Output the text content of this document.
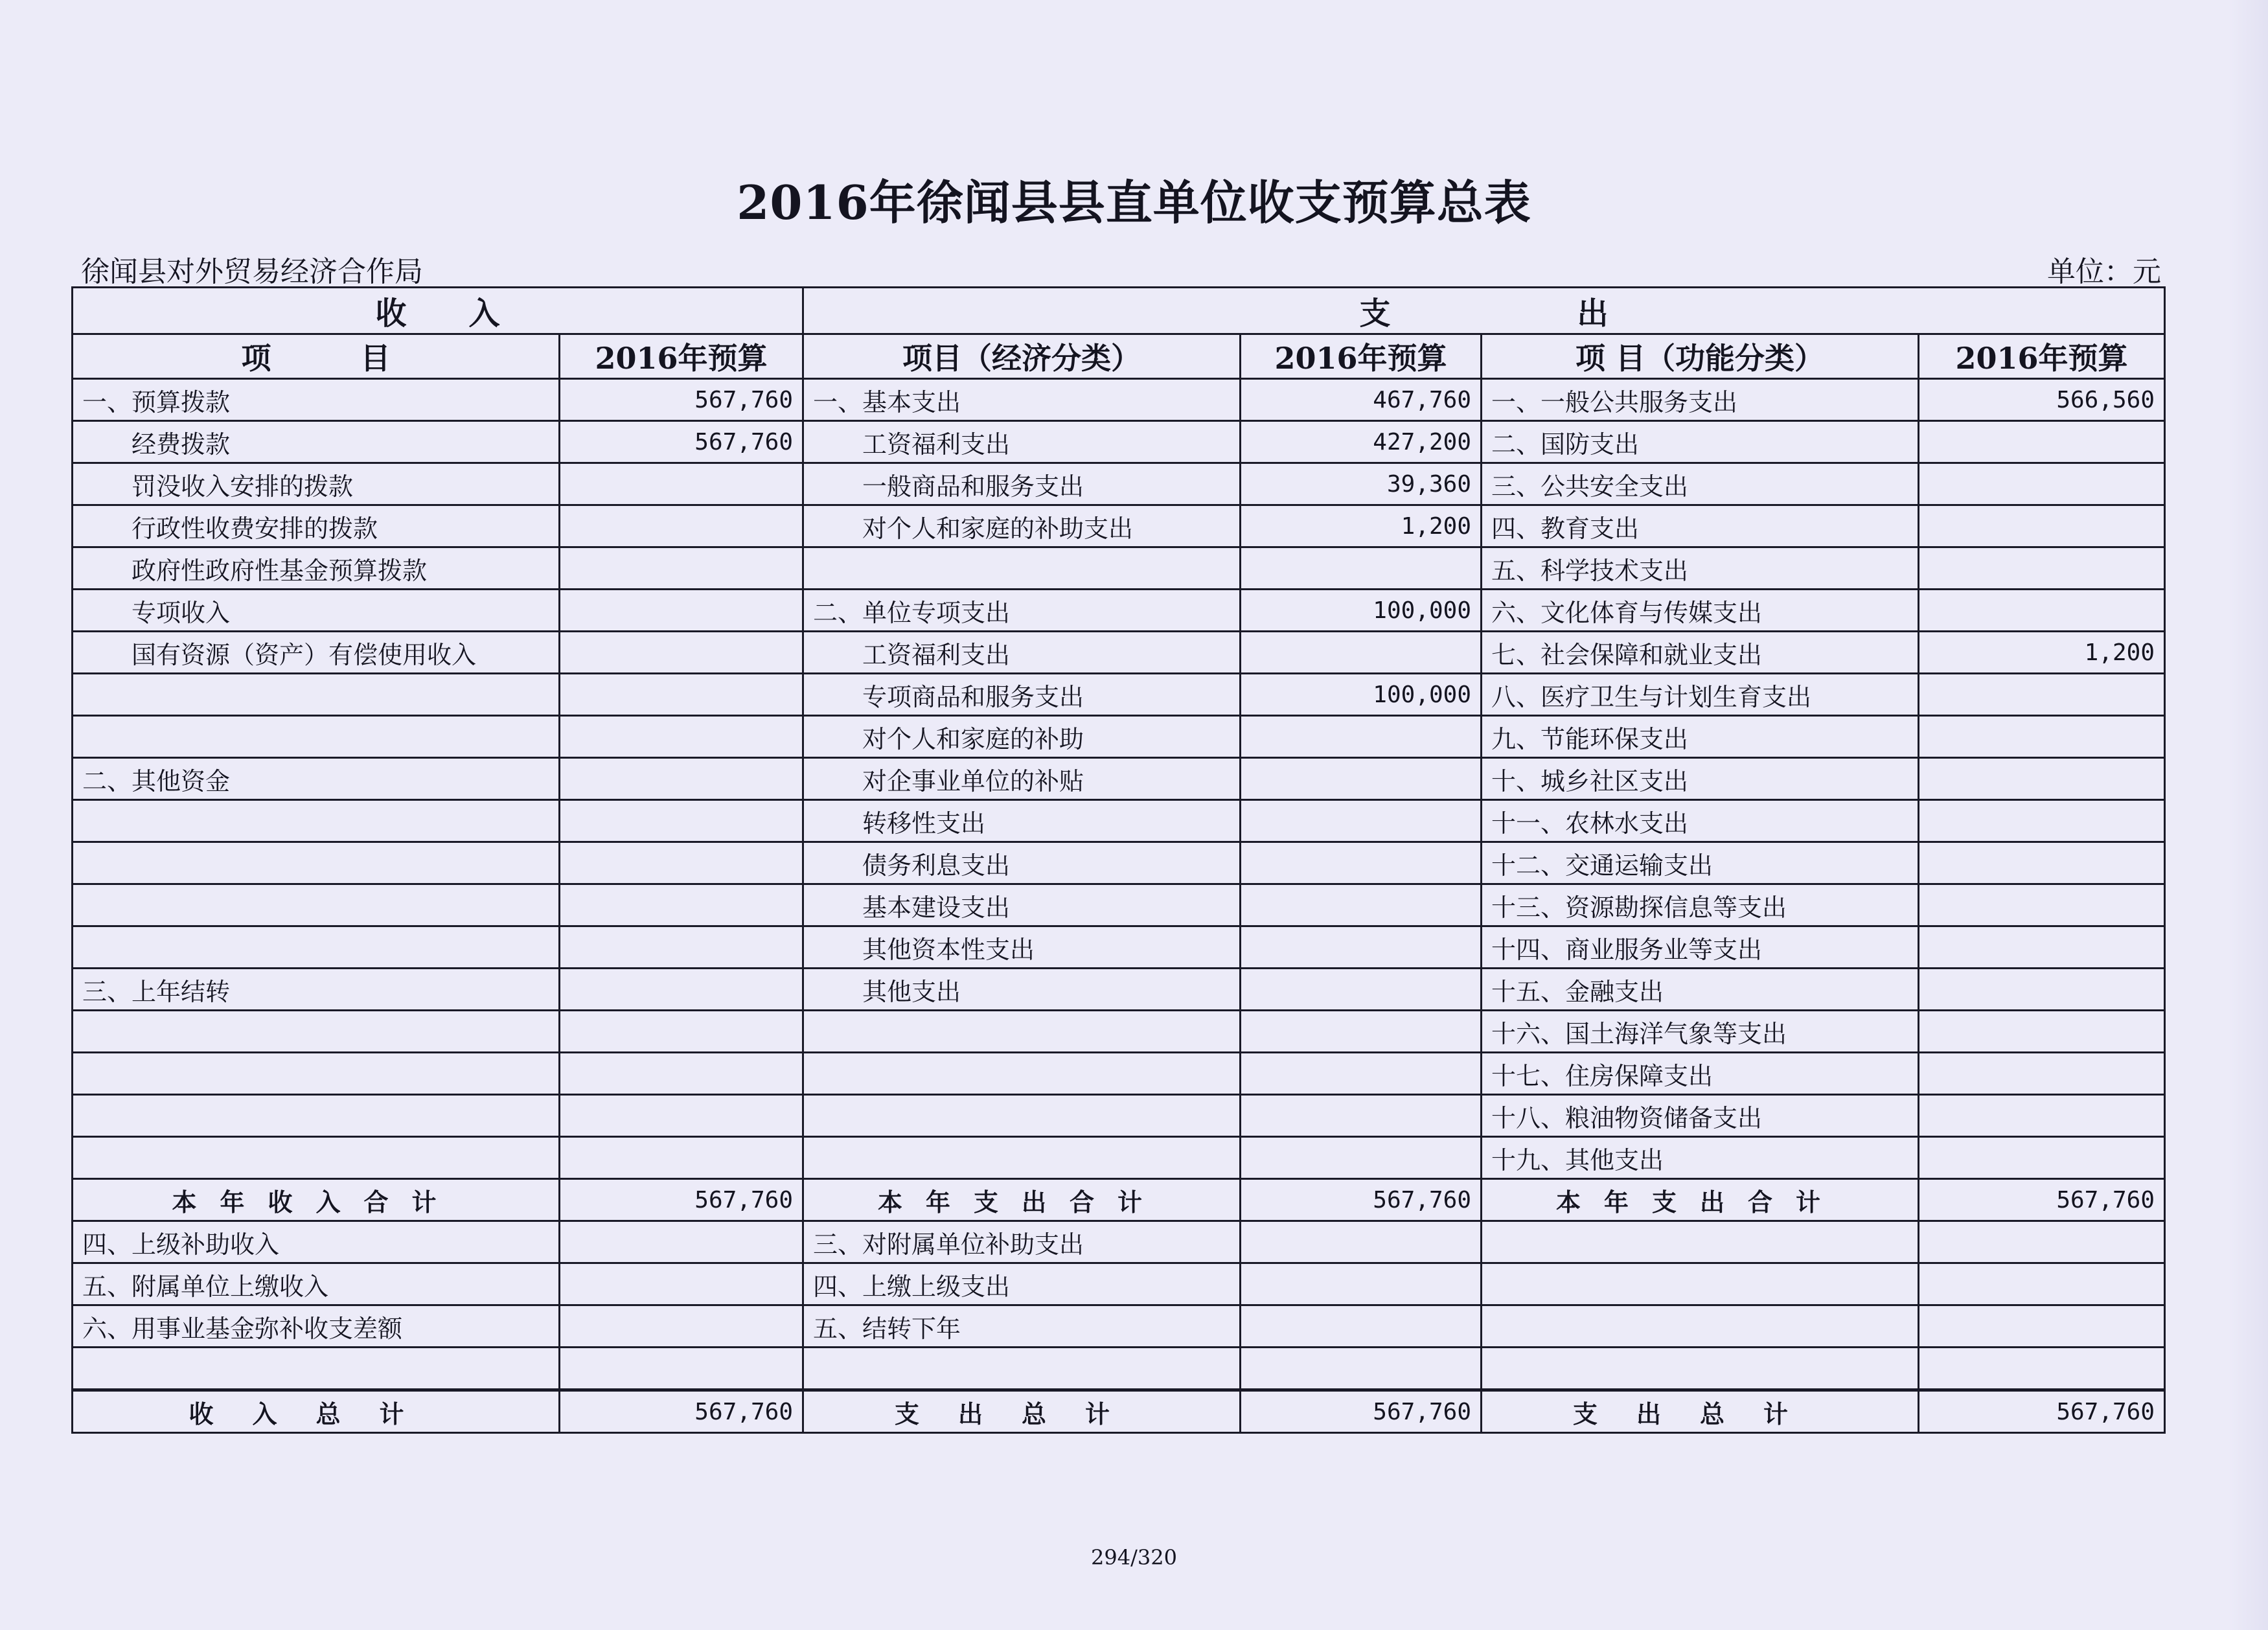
2016年徐闻县县直单位收支预算总表
徐闻县对外贸易经济合作局	单位：元
收　　入		支　　　　　　出			
项　　　目	2016年预算	项目（经济分类）	2016年预算	项 目（功能分类）	2016年预算
一、预算拨款	567,760	一、基本支出	467,760	一、一般公共服务支出	566,560
经费拨款	567,760	工资福利支出	427,200	二、国防支出	
罚没收入安排的拨款		一般商品和服务支出	39,360	三、公共安全支出	
行政性收费安排的拨款		对个人和家庭的补助支出	1,200	四、教育支出	
政府性政府性基金预算拨款				五、科学技术支出	
专项收入		二、单位专项支出	100,000	六、文化体育与传媒支出	
国有资源（资产）有偿使用收入		工资福利支出		七、社会保障和就业支出	1,200
		专项商品和服务支出	100,000	八、医疗卫生与计划生育支出	
		对个人和家庭的补助		九、节能环保支出	
二、其他资金		对企事业单位的补贴		十、城乡社区支出	
		转移性支出		十一、农林水支出	
		债务利息支出		十二、交通运输支出	
		基本建设支出		十三、资源勘探信息等支出	
		其他资本性支出		十四、商业服务业等支出	
三、上年结转		其他支出		十五、金融支出	
				十六、国土海洋气象等支出	
				十七、住房保障支出	
				十八、粮油物资储备支出	
				十九、其他支出	
本年收入合计	567,760	本年支出合计	567,760	本年支出合计	567,760
四、上级补助收入		三、对附属单位补助支出			
五、附属单位上缴收入		四、上缴上级支出			
六、用事业基金弥补收支差额		五、结转下年			

收入总计	567,760	支出总计	567,760	支出总计	567,760
294/320
